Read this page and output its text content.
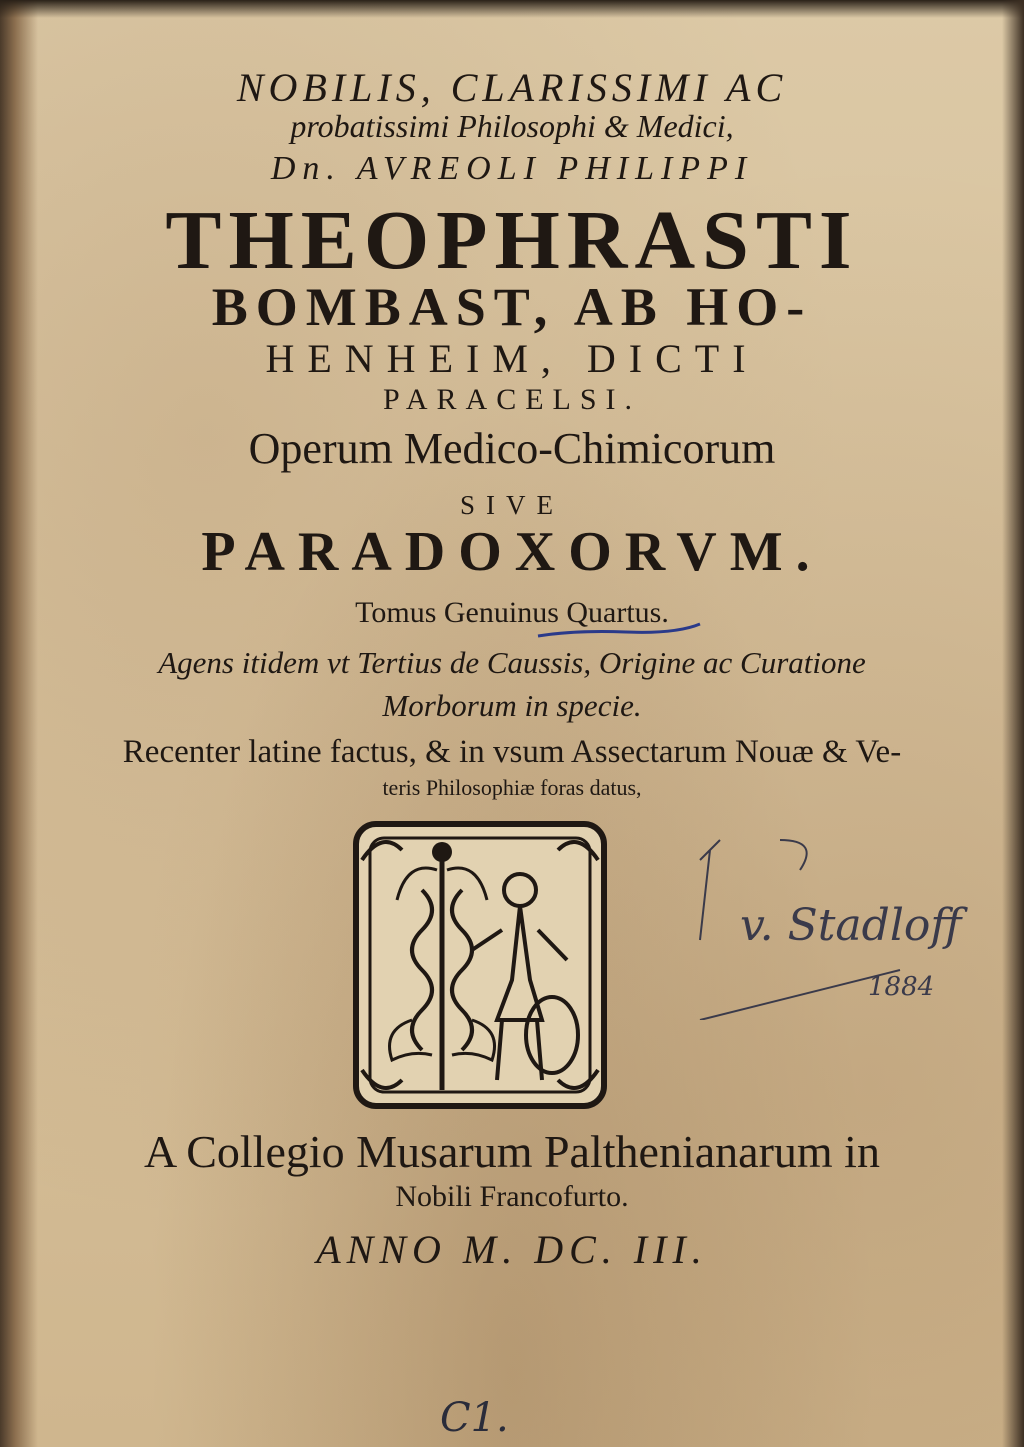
NOBILIS, CLARISSIMI AC
probatissimi Philosophi & Medici,
Dn. AVREOLI PHILIPPI
THEOPHRASTI
BOMBAST, AB HO-
HENHEIM, DICTI
PARACELSI.
Operum Medico-Chimicorum
SIVE
PARADOXORVM.
Tomus Genuinus Quartus.
Agens itidem vt Tertius de Caussis, Origine ac Curatione
Morborum in specie.
Recenter latine factus, & in vsum Assectarum Nouæ & Ve-
teris Philosophiæ foras datus,
v. Stadloff
1884
A Collegio Musarum Palthenianarum in
Nobili Francofurto.
ANNO M. DC. III.
C1.
